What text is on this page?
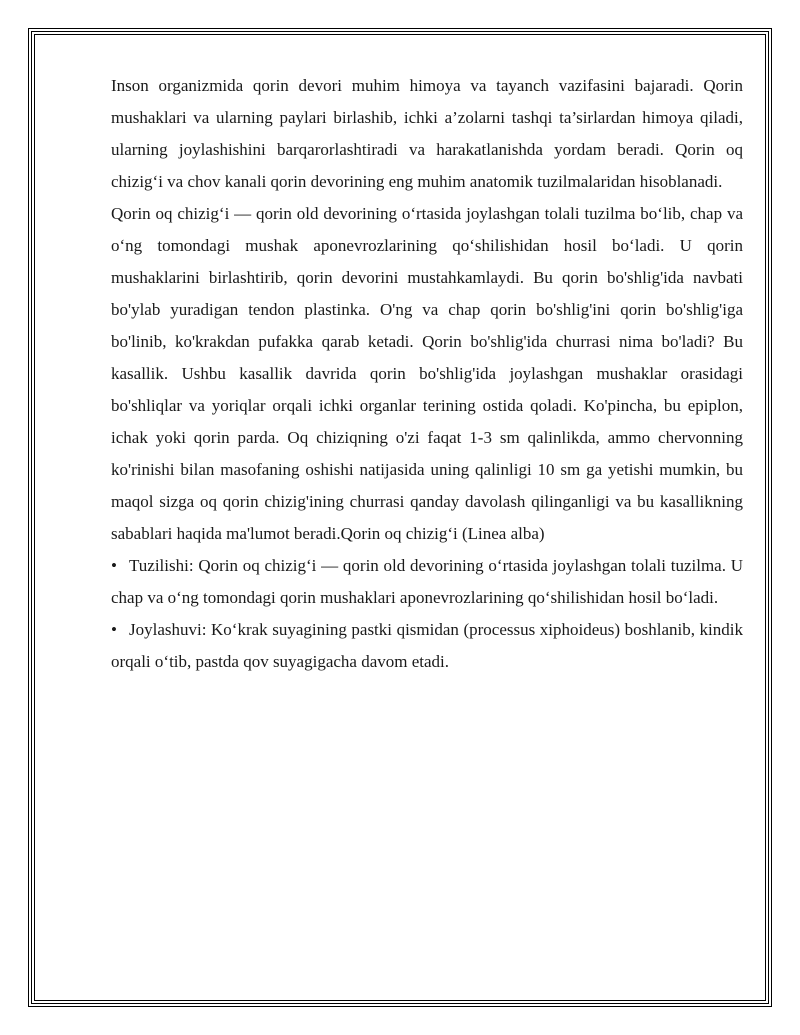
Inson organizmida qorin devori muhim himoya va tayanch vazifasini bajaradi. Qorin mushaklari va ularning paylari birlashib, ichki a’zolarni tashqi ta’sirlardan himoya qiladi, ularning joylashishini barqarorlashtiradi va harakatlanishda yordam beradi. Qorin oq chizig‘i va chov kanali qorin devorining eng muhim anatomik tuzilmalaridan hisoblanadi.

Qorin oq chizig‘i — qorin old devorining o‘rtasida joylashgan tolali tuzilma bo‘lib, chap va o‘ng tomondagi mushak aponevrozlarining qo‘shilishidan hosil bo‘ladi. U qorin mushaklarini birlashtirib, qorin devorini mustahkamlaydi. Bu qorin bo'shlig'ida navbati bo'ylab yuradigan tendon plastinka. O'ng va chap qorin bo'shlig'ini qorin bo'shlig'iga bo'linib, ko'krakdan pufakka qarab ketadi. Qorin bo'shlig'ida churrasi nima bo'ladi? Bu kasallik. Ushbu kasallik davrida qorin bo'shlig'ida joylashgan mushaklar orasidagi bo'shliqlar va yoriqlar orqali ichki organlar terining ostida qoladi. Ko'pincha, bu epiplon, ichak yoki qorin parda. Oq chiziqning o'zi faqat 1-3 sm qalinlikda, ammo chervonning ko'rinishi bilan masofaning oshishi natijasida uning qalinligi 10 sm ga yetishi mumkin, bu maqol sizga oq qorin chizig'ining churrasi qanday davolash qilinganligi va bu kasallikning sabablari haqida ma'lumot beradi.Qorin oq chizig‘i (Linea alba)

• Tuzilishi: Qorin oq chizig‘i — qorin old devorining o‘rtasida joylashgan tolali tuzilma. U chap va o‘ng tomondagi qorin mushaklari aponevrozlarining qo‘shilishidan hosil bo‘ladi.

• Joylashuvi: Ko‘krak suyagining pastki qismidan (processus xiphoideus) boshlanib, kindik orqali o‘tib, pastda qov suyagigacha davom etadi.
